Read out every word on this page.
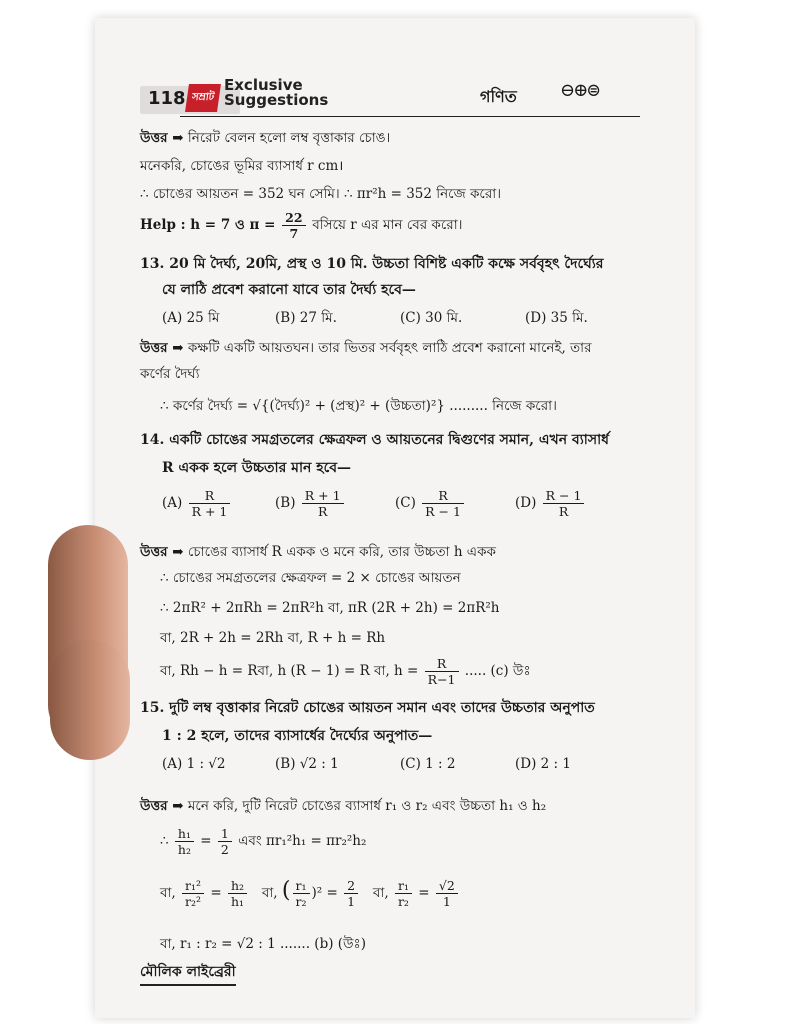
118 সম্রাট
Exclusive
Suggestions	গণিত ⊖⊕⊜
উত্তর ➡ নিরেট বেলন হলো লম্ব বৃত্তাকার চোঙ।
মনেকরি, চোঙের ভূমির ব্যাসার্ধ r cm।
∴ চোঙের আয়তন = 352 ঘন সেমি। ∴ πr²h = 352 নিজে করো।
Help : h = 7 ও $\pi = \frac{22}{7}$ বসিয়ে r এর মান বের করো।
13. 20 মি দৈর্ঘ্য, 20মি, প্রস্থ ও 10 মি. উচ্চতা বিশিষ্ট একটি কক্ষে সর্ববৃহৎ দৈর্ঘ্যের
যে লাঠি প্রবেশ করানো যাবে তার দৈর্ঘ্য হবে—
(A) 25 মি	(B) 27 মি.	(C) 30 মি.	(D) 35 মি.
উত্তর ➡ কক্ষটি একটি আয়তঘন। তার ভিতর সর্ববৃহৎ লাঠি প্রবেশ করানো মানেই, তার
কর্ণের দৈর্ঘ্য
∴ কর্ণের দৈর্ঘ্য = √{(দৈর্ঘ্য)² + (প্রস্থ)² + (উচ্চতা)²} ......... নিজে করো।
14. একটি চোঙের সমগ্রতলের ক্ষেত্রফল ও আয়তনের দ্বিগুণের সমান, এখন ব্যাসার্ধ
R একক হলে উচ্চতার মান হবে—
$(A) \frac{R}{R + 1}$	$(B) \frac{R + 1}{R}$	$(C) \frac{R}{R - 1}$	$(D) \frac{R - 1}{R}$
উত্তর ➡ চোঙের ব্যাসার্ধ R একক ও মনে করি, তার উচ্চতা h একক
∴ চোঙের সমগ্রতলের ক্ষেত্রফল = 2 × চোঙের আয়তন
∴ 2πR² + 2πRh = 2πR²h বা, πR (2R + 2h) = 2πR²h
বা, 2R + 2h = 2Rh বা, R + h = Rh
বা, Rh − h = Rবা, h (R − 1) = R বা, $h = \frac{R}{R-1}$ ..... (c) উঃ
15. দুটি লম্ব বৃত্তাকার নিরেট চোঙের আয়তন সমান এবং তাদের উচ্চতার অনুপাত
1 : 2 হলে, তাদের ব্যাসার্ধের দৈর্ঘ্যের অনুপাত—
(A) 1 : √2	(B) √2 : 1	(C) 1 : 2	(D) 2 : 1
উত্তর ➡ মনে করি, দুটি নিরেট চোঙের ব্যাসার্ধ r₁ ও r₂ এবং উচ্চতা h₁ ও h₂
∴ $\frac{\text{h₁}}{\text{h₂}} = \frac{1}{2}$ এবং πr₁²h₁ = πr₂²h₂
বা, $\frac{\text{r₁²}}{\text{r₂²}} = \frac{\text{h₂}}{\text{h₁}}$ বা, ( $\frac{\text{r₁}}{\text{r₂}} )^2 = \frac{2}{1}$ বা, $\frac{\text{r₁}}{\text{r₂}} = \frac{√2}{1}$
বা, r₁ : r₂ = √2 : 1 ....... (b) (উঃ)
মৌলিক লাইব্রেরী
